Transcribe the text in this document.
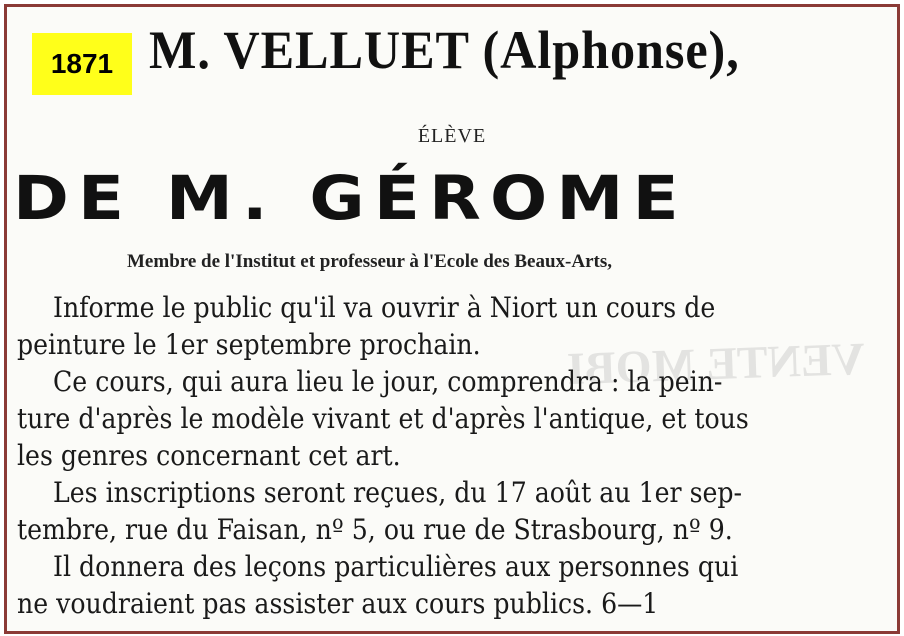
VENTE MOBI
1871 M. VELLUET (Alphonse),
ÉLÈVE
DE M. GÉROME
Membre de l'Institut et professeur à l'Ecole des Beaux-Arts,
Informe le public qu'il va ouvrir à Niort un cours de
peinture le 1er septembre prochain.
Ce cours, qui aura lieu le jour, comprendra : la pein-
ture d'après le modèle vivant et d'après l'antique, et tous
les genres concernant cet art.
Les inscriptions seront reçues, du 17 août au 1er sep-
tembre, rue du Faisan, nº 5, ou rue de Strasbourg, nº 9.
Il donnera des leçons particulières aux personnes qui
ne voudraient pas assister aux cours publics. 6—1
